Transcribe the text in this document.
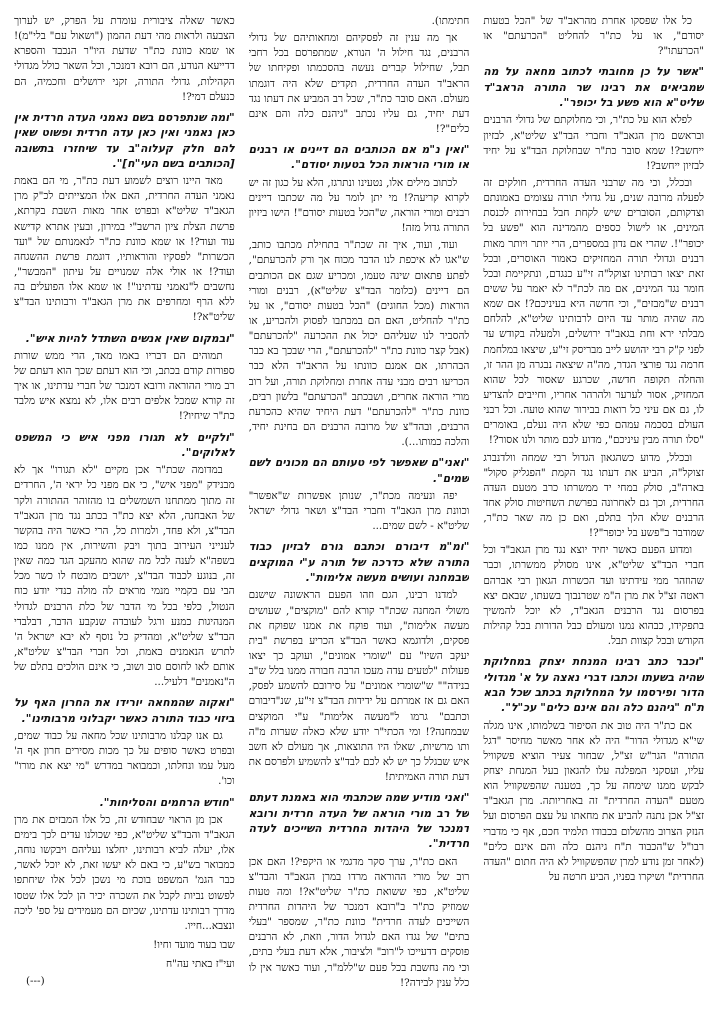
כל אלו שפסקו אחרת מהראב"ד של "הכל בטעות יסודם", או על כת"ר להחליט "הכרעתם" או "הכרעתו"?

"אשר על כן מחובתי לכתוב מחאה על מה שמביאים את רבינו שר התורה הראב"ד שליט"א הוא פשע בל יכופר".

לפלא הוא על כת"ר, וכי מחלוקתם של גדולי הרבנים ובראשם מרן הגאב"ד וחברי הבד"צ שליט"א, לבזיון ייחשב?! שמא סובר כת"ר שבחלוקת הבד"צ על יחיד לבזיון ייחשב?!

ובכלל, וכי מה שרבני העדה החרדית, חולקים זה לפעלה מרובה שנים, על גדולי תורה עצומים באמונתם וצדקותם, הסוברים שיש לקחת חבל בבחירות לכנסת המינים, או לישול כספים מהמדינה הוא "פשע בל יכופר"!. שהרי אם נדון במספרים, הרי יותר ויותר מאות רבנים וגדולי תורה המחזיקים כאמור האוסרים, ובכל זאת יצאו רבותינו זצוקל"ה זי"ע כנגדם, ונתקיימת ובכל חומר נגד המינים, אם מה לכת"ר לא יאמר על ששים רבנים ש"מבזים", וכי חדשה היא בעיניכם?! אם שמא מה שהיה מותר עד היום לרבותינו שליט"א, להלחם מבלתי ירא וחת בגאב"ד ירושלים, ולמעלה בקודש עד לפני ק"ק רבי יהושע לייב מבריסק זי"ע, שיצאו במלחמת חרמה נגד פורצי הגדר, מה"ה שיצאה נבגרה מן ההר זו, והחלה תקופה חדשה, שכרגע שאסור לכל שהוא המחזיק, אסור לערער ולהרהר אחריו, וחייבים להצדיע לו, גם אם עיני כל רואות בבירור שהוא טועה. וכל רבני העולם בסכמה עמהם כפי שלא היה נעלם, באומרים "סלו תורה מבין עיניכם", מדוע לכם מותר ולנו אסור?!

ובכלל, מדוע כשהגאון הגדול רבי שמחה וולדנברג זצוקל"ה, הביע את דעתו נגד הקמת "הפגליק סקול" בארה"ב, סולק במחי יד ממשרתו כרב מטעם העדה החרדית, וכך גם לאחרונה בפרשת השחיטות סולק אחד הרבנים שלא הלך בתלם, ואם כן מה שאר כת"ר, שמודבר ב"פשע בל יכופר"?!

ומדוע הפעם כאשר יחיד יוצא נגד מרן הגאב"ד וכל חברי הבד"צ שליט"א, אינו מסולק ממשרתו, וכבר שהוזהר ממי עידתינו ועד הכשרות הגאון רבי אברהם ראטה זצ"ל את מרן ה"מ שטרנבוך בשעתו, שבאם יצא בפרסום נגד הרבנים הגאב"ד, לא יוכל להמשיך בתפקידו, כבהוא נמנו ומעולם כבל הדורות בכל קהילות הקודש ובכל קצוות תבל.

"וכבר כתב רבינו המנחת יצחק במחלוקת שהיה בשעתו וכתבו דברי נאצה על א' מגדולי הדור ופירסמו על המחלוקת בכתב שכל הבא ת"ח "גיהנם כלה והם אינם כלים" עכ"ל".

אם כת"ר היה טוב את הסיפור בשלמותו, אינו מגלה שי"א מגדולי הדור" היה לא אחר מאשר מחיסר "דגל התורה" הגר"ש זצ"ל, שבחור צעיר הוציא פשקוויל עליו, ועסקני המפלגה עלו להגאון בעל המנחת יצחק לבקש ממנו שימחה על כך, בטענה שהפשקוויל הוא מטעם "העדה החרדית" זה באחריותה. מרן הגאב"ד זצ"ל אכן נתנה להביע את מחאתו על עצם הפרסום ועל הנזק הצרוב מהשלום בכבודו תלמיד חכם, אף כי מדברי רבו"ל ש"הכבוד ת"ח גיהנם כלה והם אינם כלים" (לאחר זמן נודע למרן שהפשקוויל לא היה חתום "העדה החרדית" ושיקרו בפניו, הביע חרטה על

חתימתו).

אך מה ענין זה לפסקיהם ומחאותיהם של גדולי הרבנים, נגד חילול ה' הנורא, שמתפרסם בכל רחבי תבל, שחילול קברים נעשה בהסכמתו ופקיחתו של הראב"ד העדה החרדית, תקדים שלא היה דוגמתו מעולם. האם סובר כת"ר, שכל רב המביע את דעתו נגד דעת יחיד, גם עליו נכתב "גיהנם כלה והם אינם כלים"?!

"ואין נ"מ אם הכותבים הם דיינים או רבנים או מורי הוראות הכל בטעות יסודם".

לכתוב מילים אלו, נטעינו ונתרגז, הלא על כגון זה יש לקרוא קריעה?! מי יתן לומר על מה שכתבו דיינים רבנים ומורי הוראה, ש"הכל בטעות יסודם"! הישו ביזיון התורה גדול מזה!

ועוד, ועוד, איך זה שכת"ר בתחילת מכתבו כותב, ש"אגו לא איכפת לנו הדבר מכוח אך ורק להכרעתם", לפתע פתאום שינה טעמו, ומכריע שגם אם הכותבים הם דיינים (כלומר הבד"צ שליט"א), רבנים ומורי הוראות (מכל החוגים) "הכל בטעות יסודם", או על כת"ר להחליט, האם הם במכתבו לפסוק ולהכריע, או להסביר לנו שעליהם יכול את ההכרעה "להכרעתם" (אבל קצר כוונת כת"ר "להכרעתם", הרי שבכך בא כבר הבהרתו, אם אמנם כוונתו על הראב"ד הלא כבר הכריעו רבים מבני עדה אחרת ומחלוקת תורה, ועל רוב מורי הוראה אחרים, ושבכתב "הכרעתם" בלשון רבים, כוונת כת"ר "להכרעתם" דעת היחיד שהיא כהכרעת הרבנים, ובהד"צ של מרובה הרבנים הם בחינת יחיד, והלכה כמותו...).

"ואני"ם שאפשר לפי טעותם הם מכונים לשם שמים".

יפה ונעימה מכת"ר, שנותן אפשרות ש"אפשר" וכוונת מרן הגאב"ד וחברי הבד"צ ושאר גדולי ישראל שליט"א - לשם שמים...

"ומ"מ דיבורם וכתבם גורם לבזיון כבוד התורה שלא כדרכה של תורה ע"י המוקצים שבמחנה ועושים מעשה אלימות".

למדנו רבינו, הגם וזהו הפעם הראשונה שישנם משולי המחנה שכת"ר קורא להם "מוקצים", שעושים מעשה אלימות", ועוד פוקח את אמנו שפוקח את פסקים, ולדוגמא כאשר הבד"צ הכריע בפרשת "בית יעקב השיו" עם "שומרי אמונים", ועוקב כך יצאו פעולות "לטעים עדה מעכו הרבה חבורה ממנו בלל ש"ב בנידה"" ש"שומרי אמונים" על סירובם להשמע לפסק, האם גם אז אמרתם על ידידות הבד"צ זי"ע, שנ"דיבורם וכתבם" גרמו ל"מעשה אלימות" ע"י המוקצים שבמחנה?! ומי הכתי"ר יודע שלא כאלה שערות מ"ה ותו מרשיות, שאלו היו התוצאות, אך מעולם לא חשב איש שבגלל כך יש לא לכם לבד"צ להשמיע ולפרסם את דעת תורה האמיתית!

"ואני מודיע שמה שכתבתי הוא באמנת דעתם של רב מורי הוראה של העדה חרדית ורובא דמנכר של היהדות החרדית השייכים לעדה חרדית".

האם כת"ר, ערך סקר מדגמי או היקפי?! האם אכן רוב של מורי ההוראה מרדו במרן הגאב"ד והבד"צ שליט"א, כפי ששואת כת"ר שליט"א?! ומה טעות שמוזיק כת"ר ב"רובא דמנכר של היהדות החרדית השייכים לעדה חרדית" כוונת כת"ר, שמספר "בעלי בתים" של נגדו האם לגדול הדור, וזאת, לא הרבנים פוסקים דדעייכו ל"רוב" ולציבור, אלא דעת בעלי בתים, וכי מה נחשבת בכל פעם ש"ללמ"ר, ועוד כאשר אין לו כלל ענין לבידה?!

כאשר שאלה ציבורית עומדת על הפרק, יש לערוך הצבעה ולראות מהי דעת ההמון ("ושאול עם" בלי"מ)! או שמא כוונת כת"ר שדעת היו"ר הנכבד והספרא דדייעא הנודע, הם רובא דמנכר, וכל השאר כולל מגדולי הקהילות, גדולי התורה, זקני ירושלים וחכמיה, הם כנעלם דמי?!

"ומה שנתפרסם בשם נאמני העדה חרדית אין כאן נאמני ואין כאן עדה חרדית ופשוט שאין להם חלק קעלוה"ב עד שיחזרו בתשובה [הכותבים בשם העי"ח]".

מאד היינו רוצים לשמוע דעת כת"ר, מי הם באמת נאמני העדה החרדית, האם אלו המצייתים לכ"ק מרן הגאב"ד שליט"א ובפרט אחר מאות השבת בקרתא, פרשת הצלת ציון הרשב"י במירון, ובעין אתרא קדישא עוד ועוד?! או שמא כוונת כת"ר לנאמנותם של "ועד הכשרות" לפסקיו והוראותיו, דוגמת פרשת ההשגחה ועוד?! או אולי אלה שמנויים על עיתון "המבשר", נחשבים ל"נאמני עדתינו"! או שמא אלו הפועלים בה ללא הרף ומחרפים את מרן הגאב"ד ורבותינו הבד"צ שליט"א?!

"ובמקום שאין אנשים השתדל להיות איש".

תמוהים הם דבריו באמו מאד, הרי ממש שורות ספורות קודם בכתב, וכי הוא דעתם שכך הוא דעתם של רב מורי ההוראה ורובא דמנכר של חברי עדתינו, או איך זה קורא שמכל אלפים רבים אלו, לא נמצא איש מלבד כת"ר שיחיו?!

"ולקיים לא תגורו מפני איש כי המשפט לאלוקים".

במדומה שכת"ר אכן מקיים "לא תגורו" אך לא מבנידק "מפני איש", כי אם מפני כל יראי ה', החרדים זה מתוך ממתחנו השמשלים בו מהזוהר ההתורה ולקר של האבחנה, הלא יצא כת"ר בכתב נגד מרן הגאב"ד הבד"צ, ולא פחד, ולמרות כל, הרי כאשר היה בהקשר לענייני העירוב בתוך ויבק והשירות, אין ממנו כמו בשפה"א לענה לכל מה שהוא מהעקב הגד כמה שאין זה, בנוגע לכבוד הבד"צ, יושבים מובטח לו כשר מכל הבי עם בקמיי מנמי מראים לה מולה כנדי יודע כוח הנטול, כלפי בכל מי הדבר של כלת הרבנים לגדולי המנהיגות כמנע ורגל לעובדה שנקבע הדבר, דבלבדי הבד"צ שליט"א, ומהדיק כל נוסף לא יבא ישראל ה' לתרש הנאמנים באמת, וכל חברי הבד"צ שליט"א, אותם לאו לחוסם סוב ושוב, כי אינם הולכים בתלם של ה"נאמנים" דלעיל...

"ואקוה שהמחאה יורידו את החרון האף על ביזוי כבוד התורה כאשר יקבלוני מרבותינו".

גם אנו קבלנו מרבותינו שכל מחאה על כבוד שמים, ובפרט כאשר סופים על כך מכות מסירים חרון אף ה' מעל עמו ונחלתו, וכמבואר במדרש "מי יצא את מורו" וכו'.

"חודש הרחמים והסליחות".

אכן מן הראוי שבחודש זה, כל אלו המבזים את מרן הגאב"ד והבד"צ שליט"א, כפי שכולנו עדים לכך בימים אלו, יעלה לביא רבותינו, יחלצו נעליהם ויבקשו נוחה, כמבואר בש"ע, כי באם לא יעשו זאת, לא יוכל לאשר, כבר הגמ' המשפט בוכת מי נשכן לכל אלו שיחתפו לפשוט נביות לקבל את השכרה יכיר הן לכל אלו שטסו מדרך רבותינו עדתינו, שכיום הם מעמידים על ספ' ליכה ונצבא...חייו.

שבו בעוד מועד וחיו!

ועי"ז באתי עה"ח

(---)
